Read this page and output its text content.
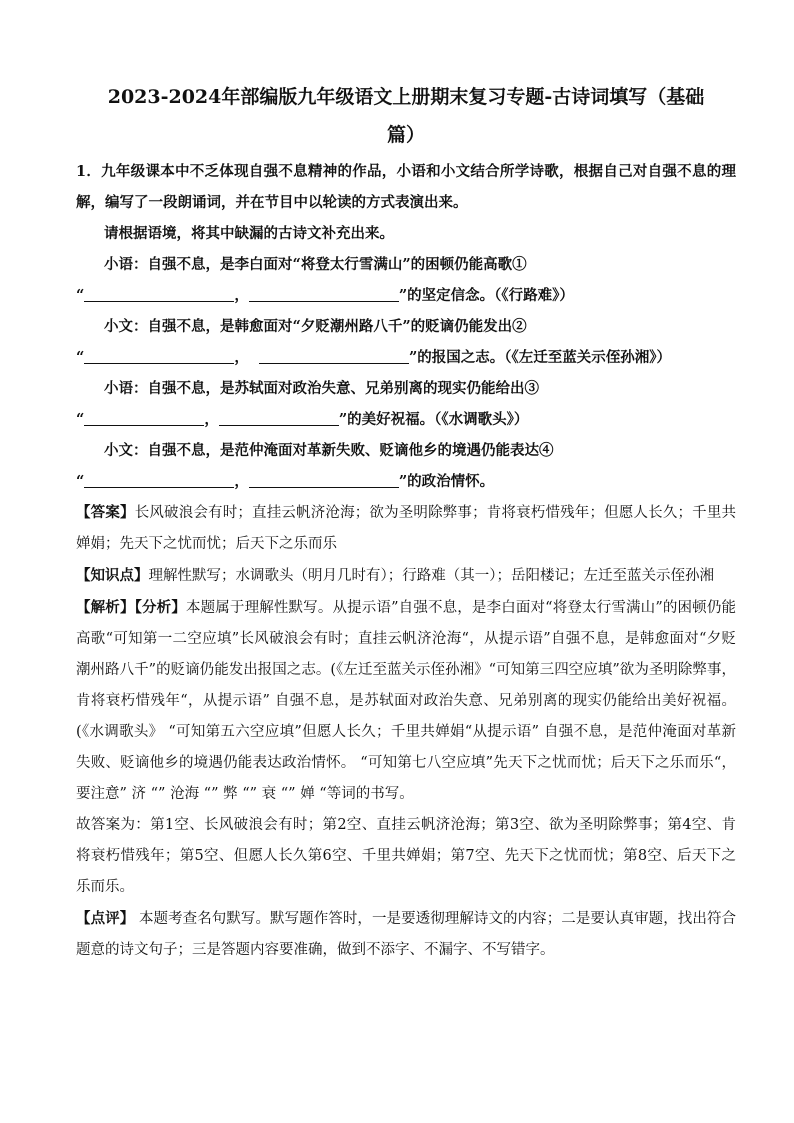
2023-2024年部编版九年级语文上册期末复习专题-古诗词填写（基础
篇）

1．九年级课本中不乏体现自强不息精神的作品，小语和小文结合所学诗歌，根据自己对自强不息的理解，编写了一段朗诵词，并在节目中以轮读的方式表演出来。

请根据语境，将其中缺漏的古诗文补充出来。

小语：自强不息，是李白面对“将登太行雪满山”的困顿仍能高歌①

“	，	”的坚定信念。（《行路难》）

小文：自强不息，是韩愈面对“夕贬潮州路八千”的贬谪仍能发出②

“	，	”的报国之志。（《左迁至蓝关示侄孙湘》）

小语：自强不息，是苏轼面对政治失意、兄弟别离的现实仍能给出③

“	，	”的美好祝福。（《水调歌头》）

小文：自强不息，是范仲淹面对革新失败、贬谪他乡的境遇仍能表达④

“	，	”的政治情怀。

【答案】长风破浪会有时；直挂云帆济沧海；欲为圣明除弊事；肯将衰朽惜残年；但愿人长久；千里共婵娟；先天下之忧而忧；后天下之乐而乐

【知识点】理解性默写；水调歌头（明月几时有）；行路难（其一）；岳阳楼记；左迁至蓝关示侄孙湘

【解析】【分析】本题属于理解性默写。从提示语”自强不息，是李白面对“将登太行雪满山”的困顿仍能高歌“可知第一二空应填”长风破浪会有时；直挂云帆济沧海“，从提示语”自强不息，是韩愈面对“夕贬潮州路八千”的贬谪仍能发出报国之志。(《左迁至蓝关示侄孙湘》“可知第三四空应填”欲为圣明除弊事，肯将衰朽惜残年“，从提示语” 自强不息，是苏轼面对政治失意、兄弟别离的现实仍能给出美好祝福。(《水调歌头》 “可知第五六空应填”但愿人长久；千里共婵娟“从提示语” 自强不息，是范仲淹面对革新失败、贬谪他乡的境遇仍能表达政治情怀。 “可知第七八空应填”先天下之忧而忧；后天下之乐而乐“，要注意” 济 “” 沧海 “” 弊 “” 衰 “” 婵 “等词的书写。

故答案为：第1空、长风破浪会有时；第2空、直挂云帆济沧海；第3空、欲为圣明除弊事；第4空、肯将衰朽惜残年；第5空、但愿人长久第6空、千里共婵娟；第7空、先天下之忧而忧；第8空、后天下之乐而乐。

【点评】 本题考查名句默写。默写题作答时，一是要透彻理解诗文的内容；二是要认真审题，找出符合题意的诗文句子；三是答题内容要准确，做到不添字、不漏字、不写错字。
